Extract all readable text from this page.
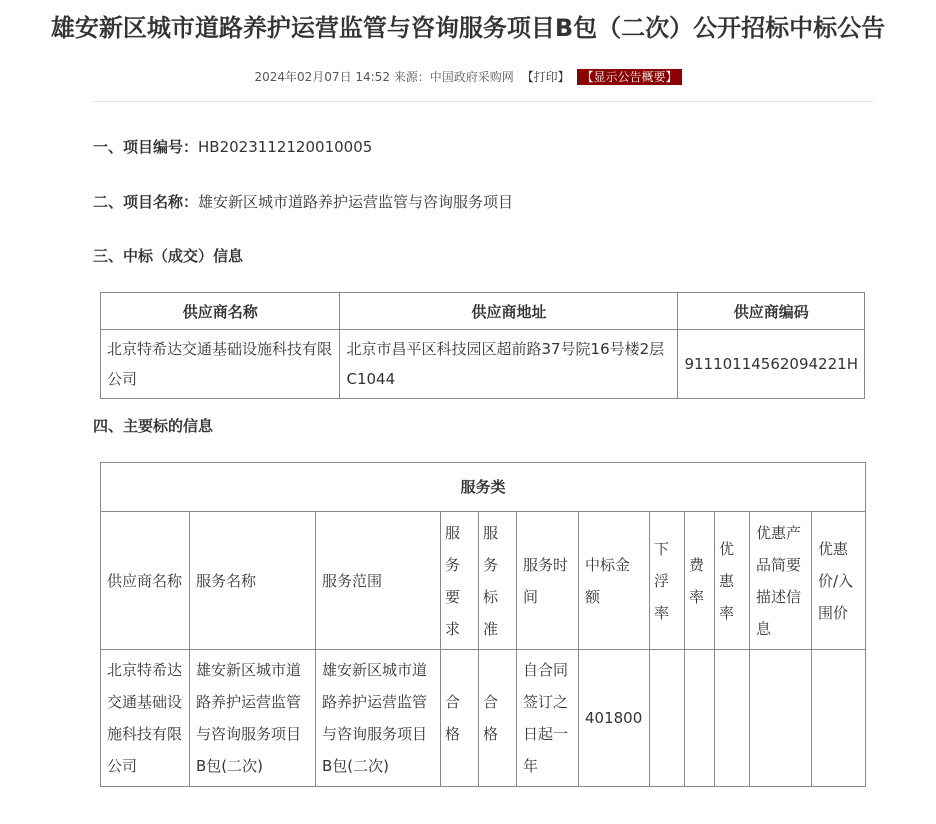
雄安新区城市道路养护运营监管与咨询服务项目B包（二次）公开招标中标公告
2024年02月07日 14:52 来源：中国政府采购网 【打印】 【显示公告概要】
一、项目编号：HB2023112120010005
二、项目名称：雄安新区城市道路养护运营监管与咨询服务项目
三、中标（成交）信息
供应商名称	供应商地址	供应商编码
北京特希达交通基础设施科技有限公司	北京市昌平区科技园区超前路37号院16号楼2层C1044	91110114562094221H
四、主要标的信息
服务类											
供应商名称	服务名称	服务范围	服务要求	服务标准	服务时间	中标金额	下浮率	费率	优惠率	优惠产品简要描述信息	优惠价/入围价
北京特希达交通基础设施科技有限公司	雄安新区城市道路养护运营监管与咨询服务项目B包(二次)	雄安新区城市道路养护运营监管与咨询服务项目B包(二次)	合格	合格	自合同签订之日起一年	401800					
